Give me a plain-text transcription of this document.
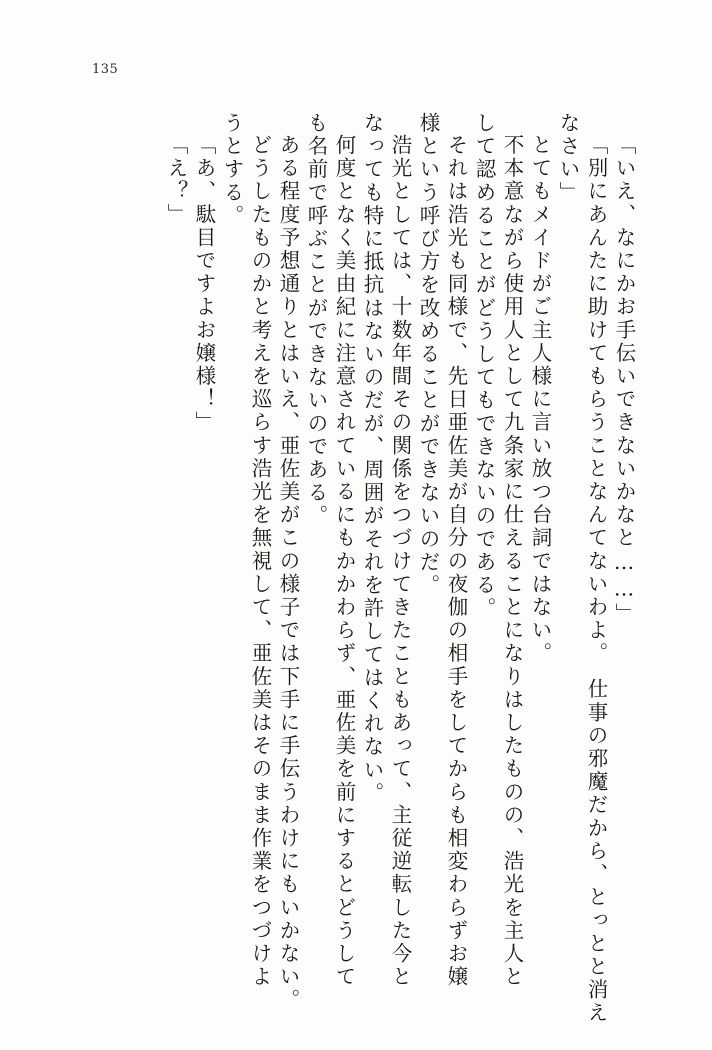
135
「いえ、なにかお手伝いできないかなと……」
「別にあんたに助けてもらうことなんてないわよ。　仕事の邪魔だから、とっとと消え
なさい」
とてもメイドがご主人様に言い放つ台詞ではない。
不本意ながら使用人として九条家に仕えることになりはしたものの、浩光を主人と
して認めることがどうしてもできないのである。
それは浩光も同様で、先日亜佐美が自分の夜伽の相手をしてからも相変わらずお嬢
様という呼び方を改めることができないのだ。
浩光としては、十数年間その関係をつづけてきたこともあって、主従逆転した今と
なっても特に抵抗はないのだが、周囲がそれを許してはくれない。
何度となく美由紀に注意されているにもかかわらず、亜佐美を前にするとどうして
も名前で呼ぶことができないのである。
ある程度予想通りとはいえ、亜佐美がこの様子では下手に手伝うわけにもいかない。
どうしたものかと考えを巡らす浩光を無視して、亜佐美はそのまま作業をつづけよ
うとする。
「あ、駄目ですよお嬢様！」
「え？」
